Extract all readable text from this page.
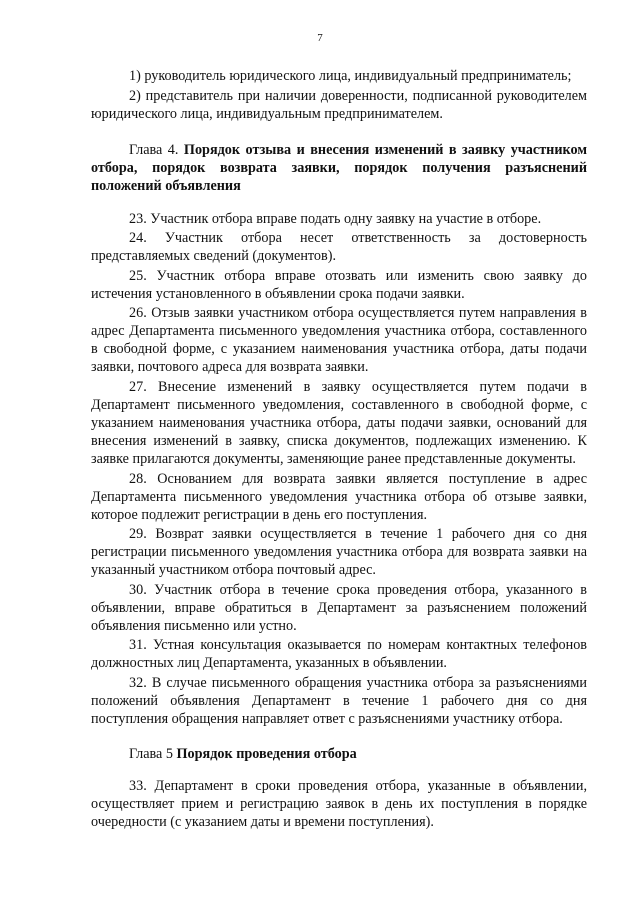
7

1) руководитель юридического лица, индивидуальный предприниматель;

2) представитель при наличии доверенности, подписанной руководителем юридического лица, индивидуальным предпринимателем.

Глава 4. Порядок отзыва и внесения изменений в заявку участником отбора, порядок возврата заявки, порядок получения разъяснений положений объявления

23. Участник отбора вправе подать одну заявку на участие в отборе.

24. Участник отбора несет ответственность за достоверность представляемых сведений (документов).

25. Участник отбора вправе отозвать или изменить свою заявку до истечения установленного в объявлении срока подачи заявки.

26. Отзыв заявки участником отбора осуществляется путем направления в адрес Департамента письменного уведомления участника отбора, составленного в свободной форме, с указанием наименования участника отбора, даты подачи заявки, почтового адреса для возврата заявки.

27. Внесение изменений в заявку осуществляется путем подачи в Департамент письменного уведомления, составленного в свободной форме, с указанием наименования участника отбора, даты подачи заявки, оснований для внесения изменений в заявку, списка документов, подлежащих изменению. К заявке прилагаются документы, заменяющие ранее представленные документы.

28. Основанием для возврата заявки является поступление в адрес Департамента письменного уведомления участника отбора об отзыве заявки, которое подлежит регистрации в день его поступления.

29. Возврат заявки осуществляется в течение 1 рабочего дня со дня регистрации письменного уведомления участника отбора для возврата заявки на указанный участником отбора почтовый адрес.

30. Участник отбора в течение срока проведения отбора, указанного в объявлении, вправе обратиться в Департамент за разъяснением положений объявления письменно или устно.

31. Устная консультация оказывается по номерам контактных телефонов должностных лиц Департамента, указанных в объявлении.

32. В случае письменного обращения участника отбора за разъяснениями положений объявления Департамент в течение 1 рабочего дня со дня поступления обращения направляет ответ с разъяснениями участнику отбора.

Глава 5 Порядок проведения отбора

33. Департамент в сроки проведения отбора, указанные в объявлении, осуществляет прием и регистрацию заявок в день их поступления в порядке очередности (с указанием даты и времени поступления).
